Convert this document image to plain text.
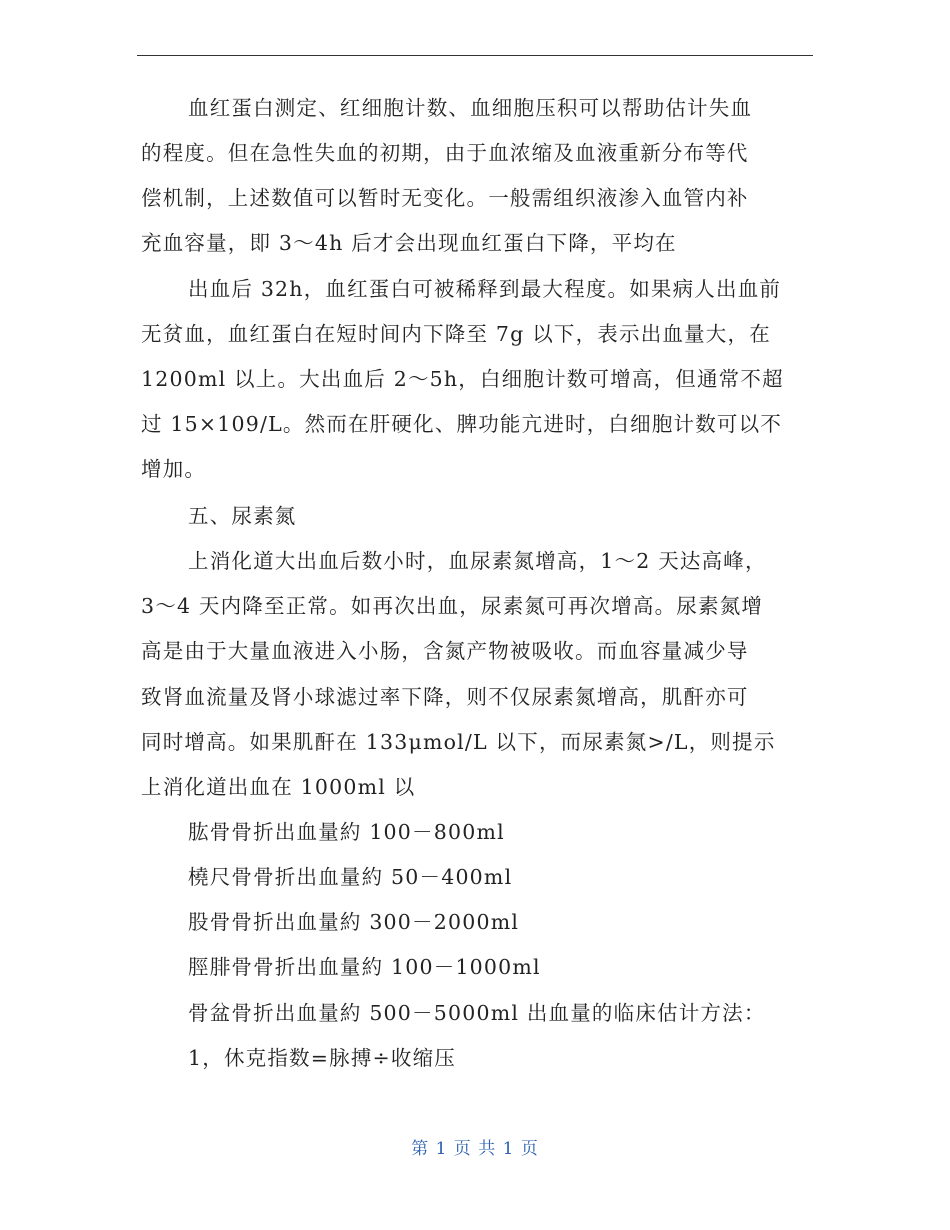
血红蛋白测定、红细胞计数、血细胞压积可以帮助估计失血
的程度。但在急性失血的初期，由于血浓缩及血液重新分布等代
偿机制，上述数值可以暂时无变化。一般需组织液渗入血管内补
充血容量，即 3～4h 后才会出现血红蛋白下降，平均在
出血后 32h，血红蛋白可被稀释到最大程度。如果病人出血前
无贫血，血红蛋白在短时间内下降至 7g 以下，表示出血量大，在
1200ml 以上。大出血后 2～5h，白细胞计数可增高，但通常不超
过 15×109/L。然而在肝硬化、脾功能亢进时，白细胞计数可以不
增加。
五、尿素氮
上消化道大出血后数小时，血尿素氮增高，1～2 天达高峰，
3～4 天内降至正常。如再次出血，尿素氮可再次增高。尿素氮增
高是由于大量血液进入小肠，含氮产物被吸收。而血容量减少导
致肾血流量及肾小球滤过率下降，则不仅尿素氮增高，肌酐亦可
同时增高。如果肌酐在 133μmol/L 以下，而尿素氮>/L，则提示
上消化道出血在 1000ml 以
肱骨骨折出血量約 100－800ml
橈尺骨骨折出血量約 50－400ml
股骨骨折出血量約 300－2000ml
脛腓骨骨折出血量約 100－1000ml
骨盆骨折出血量約 500－5000ml 出血量的临床估计方法：
1，休克指数=脉搏÷收缩压
第 1 页 共 1 页
